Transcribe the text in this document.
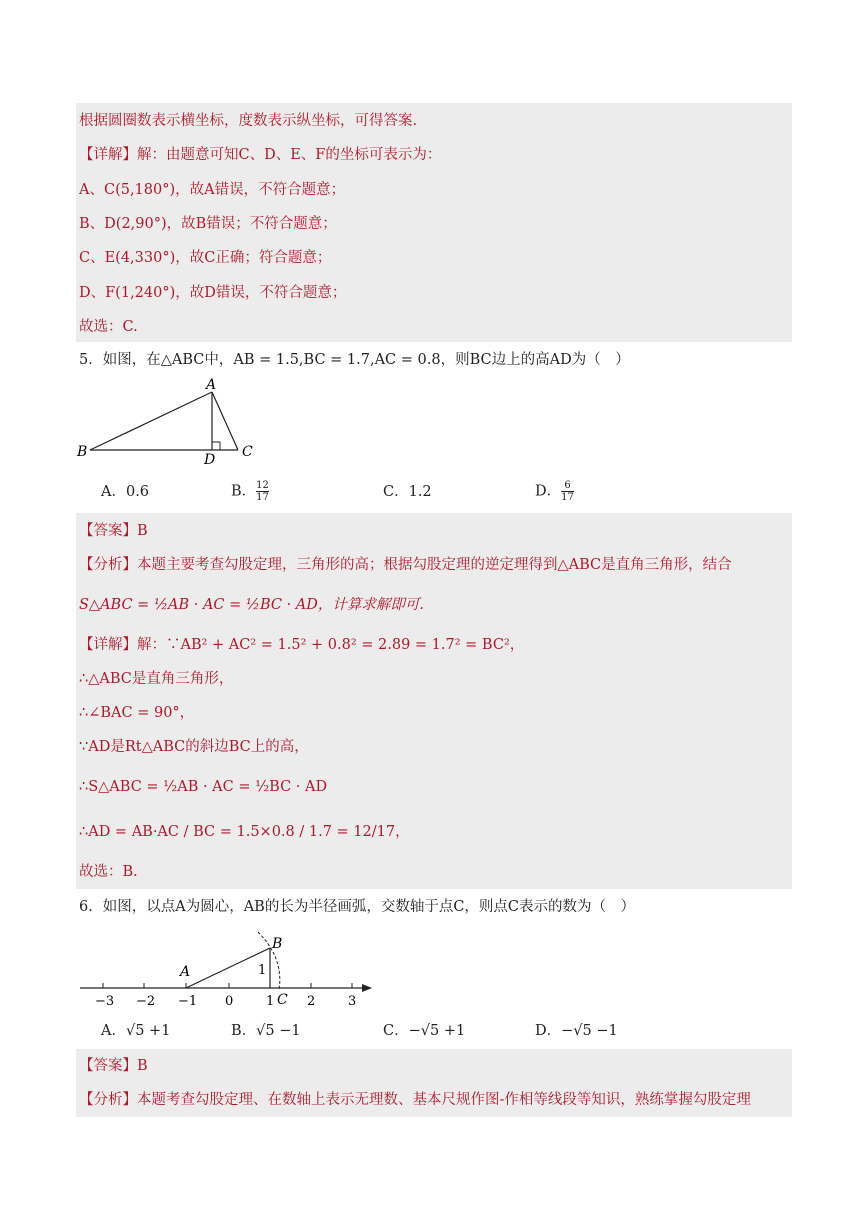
根据圆圈数表示横坐标，度数表示纵坐标，可得答案.
【详解】解：由题意可知C、D、E、F的坐标可表示为：
A、C(5,180°)，故A错误，不符合题意；
B、D(2,90°)，故B错误；不符合题意；
C、E(4,330°)，故C正确；符合题意；
D、F(1,240°)，故D错误，不符合题意；
故选：C.
5．如图，在△ABC中，AB = 1.5,BC = 1.7,AC = 0.8，则BC边上的高AD为（　）
A
B	C
D
A．0.6	B． $\frac{12}{17}$	C．1.2	D． $\frac{6}{17}$
【答案】B
【分析】本题主要考查勾股定理，三角形的高；根据勾股定理的逆定理得到△ABC是直角三角形，结合
S△ABC = ½AB · AC = ½BC · AD，计算求解即可.
【详解】解：∵AB² + AC² = 1.5² + 0.8² = 2.89 = 1.7² = BC²，
∴△ABC是直角三角形，
∴∠BAC = 90°，
∵AD是Rt△ABC的斜边BC上的高，
∴S△ABC = ½AB · AC = ½BC · AD
∴AD = AB·AC / BC = 1.5×0.8 / 1.7 = 12/17，
故选：B.
6．如图，以点A为圆心，AB的长为半径画弧，交数轴于点C，则点C表示的数为（　）
−3 −2 −1 0	1	2	3
A
B
C
1
A．√5 +1	B．√5 −1	C．−√5 +1	D．−√5 −1
【答案】B
【分析】本题考查勾股定理、在数轴上表示无理数、基本尺规作图-作相等线段等知识，熟练掌握勾股定理
